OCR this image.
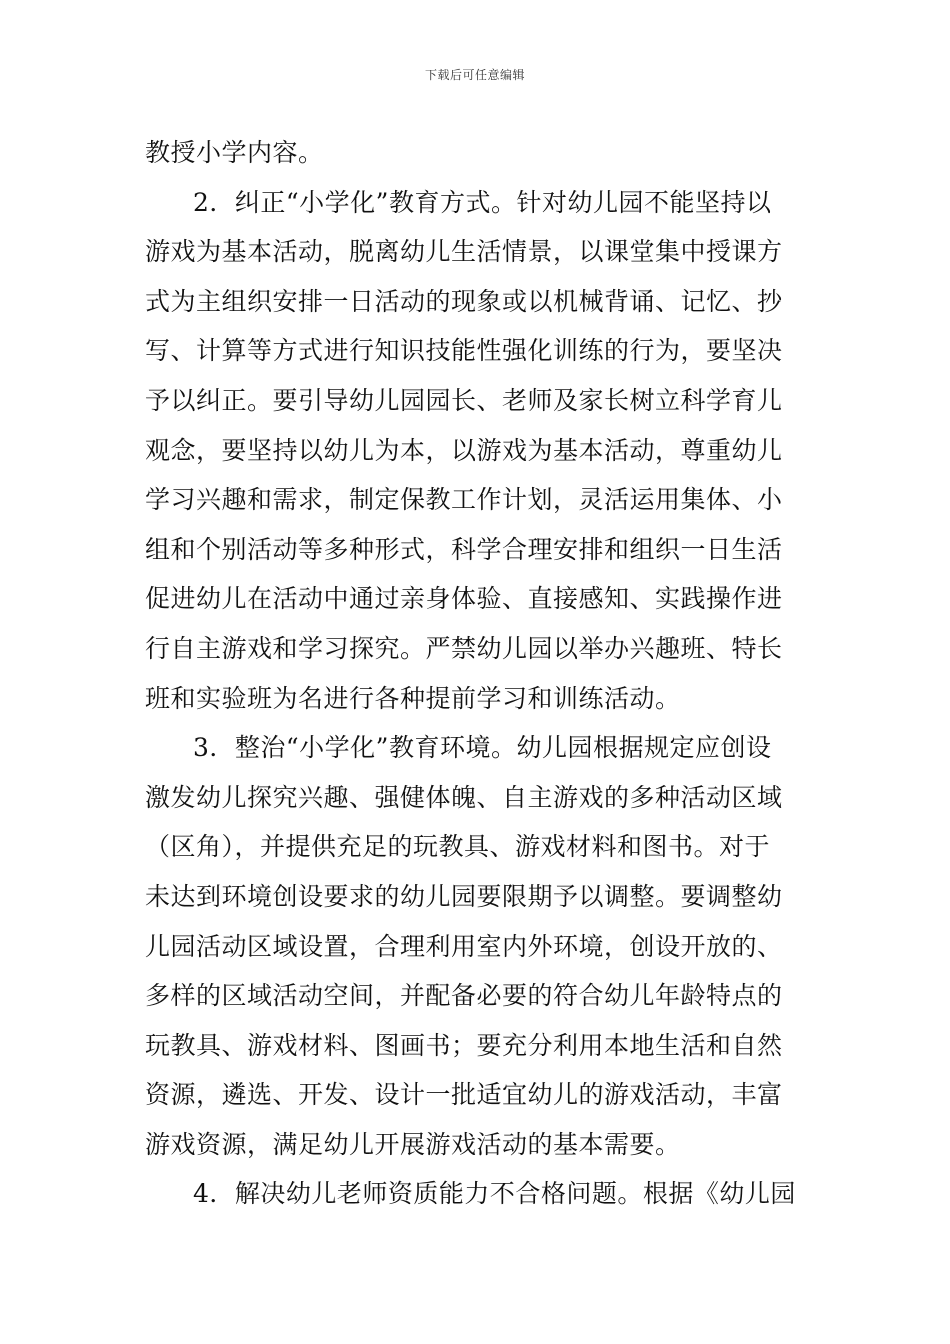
下载后可任意编辑
教授小学内容。
2．纠正“小学化”教育方式。针对幼儿园不能坚持以
游戏为基本活动，脱离幼儿生活情景，以课堂集中授课方
式为主组织安排一日活动的现象或以机械背诵、记忆、抄
写、计算等方式进行知识技能性强化训练的行为，要坚决
予以纠正。要引导幼儿园园长、老师及家长树立科学育儿
观念，要坚持以幼儿为本，以游戏为基本活动，尊重幼儿
学习兴趣和需求，制定保教工作计划，灵活运用集体、小
组和个别活动等多种形式，科学合理安排和组织一日生活
促进幼儿在活动中通过亲身体验、直接感知、实践操作进
行自主游戏和学习探究。严禁幼儿园以举办兴趣班、特长
班和实验班为名进行各种提前学习和训练活动。
3．整治“小学化”教育环境。幼儿园根据规定应创设
激发幼儿探究兴趣、强健体魄、自主游戏的多种活动区域
（区角），并提供充足的玩教具、游戏材料和图书。对于
未达到环境创设要求的幼儿园要限期予以调整。要调整幼
儿园活动区域设置，合理利用室内外环境，创设开放的、
多样的区域活动空间，并配备必要的符合幼儿年龄特点的
玩教具、游戏材料、图画书；要充分利用本地生活和自然
资源，遴选、开发、设计一批适宜幼儿的游戏活动，丰富
游戏资源，满足幼儿开展游戏活动的基本需要。
4．解决幼儿老师资质能力不合格问题。根据《幼儿园
